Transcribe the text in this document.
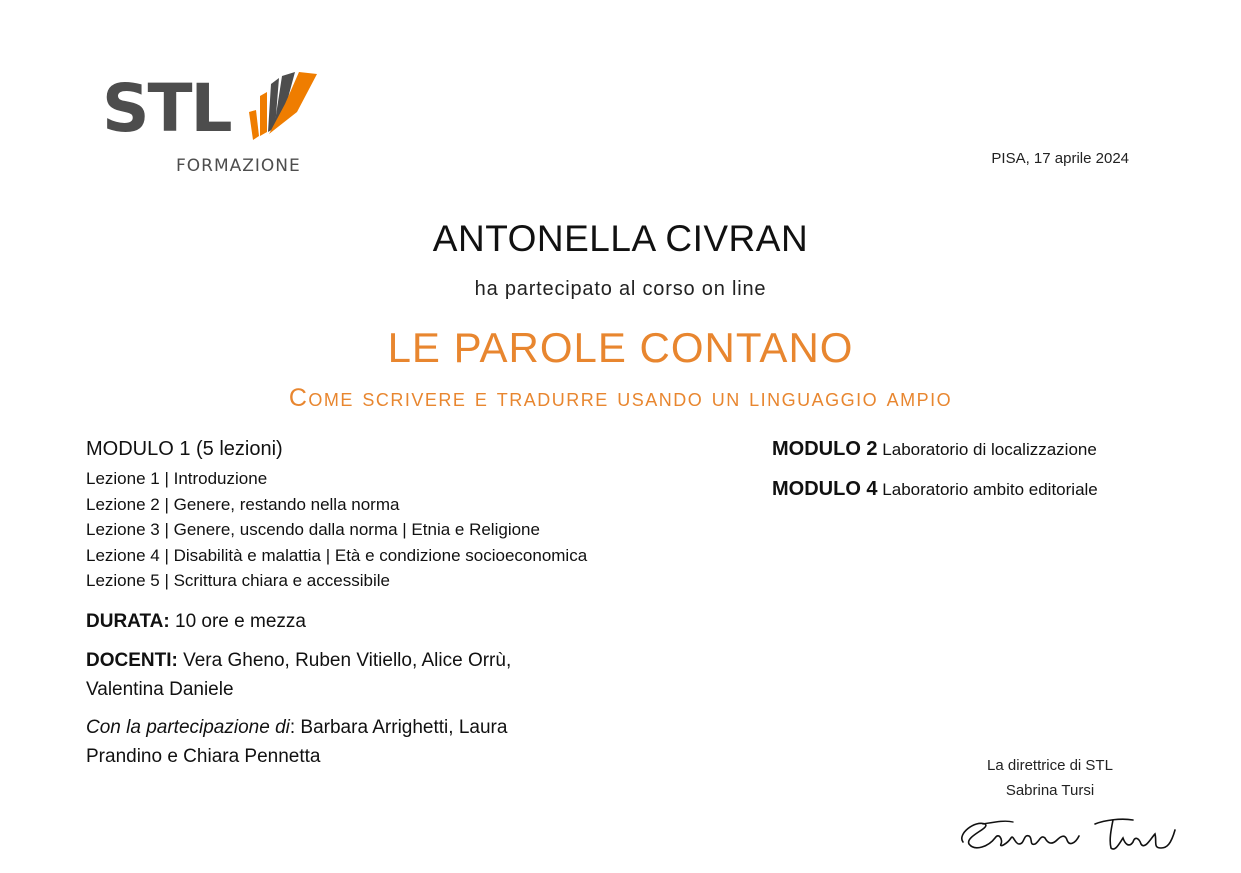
STL
FORMAZIONE	PISA, 17 aprile 2024
ANTONELLA CIVRAN
ha partecipato al corso on line
LE PAROLE CONTANO
Come scrivere e tradurre usando un linguaggio ampio
MODULO 1 (5 lezioni)
Lezione 1 | Introduzione
Lezione 2 | Genere, restando nella norma
Lezione 3 | Genere, uscendo dalla norma | Etnia e Religione
Lezione 4 | Disabilità e malattia | Età e condizione socioeconomica
Lezione 5 | Scrittura chiara e accessibile
MODULO 2 Laboratorio di localizzazione
MODULO 4 Laboratorio ambito editoriale
DURATA: 10 ore e mezza
DOCENTI: Vera Gheno, Ruben Vitiello, Alice Orrù, Valentina Daniele
Con la partecipazione di: Barbara Arrighetti, Laura Prandino e Chiara Pennetta	La direttrice di STL
Sabrina Tursi
